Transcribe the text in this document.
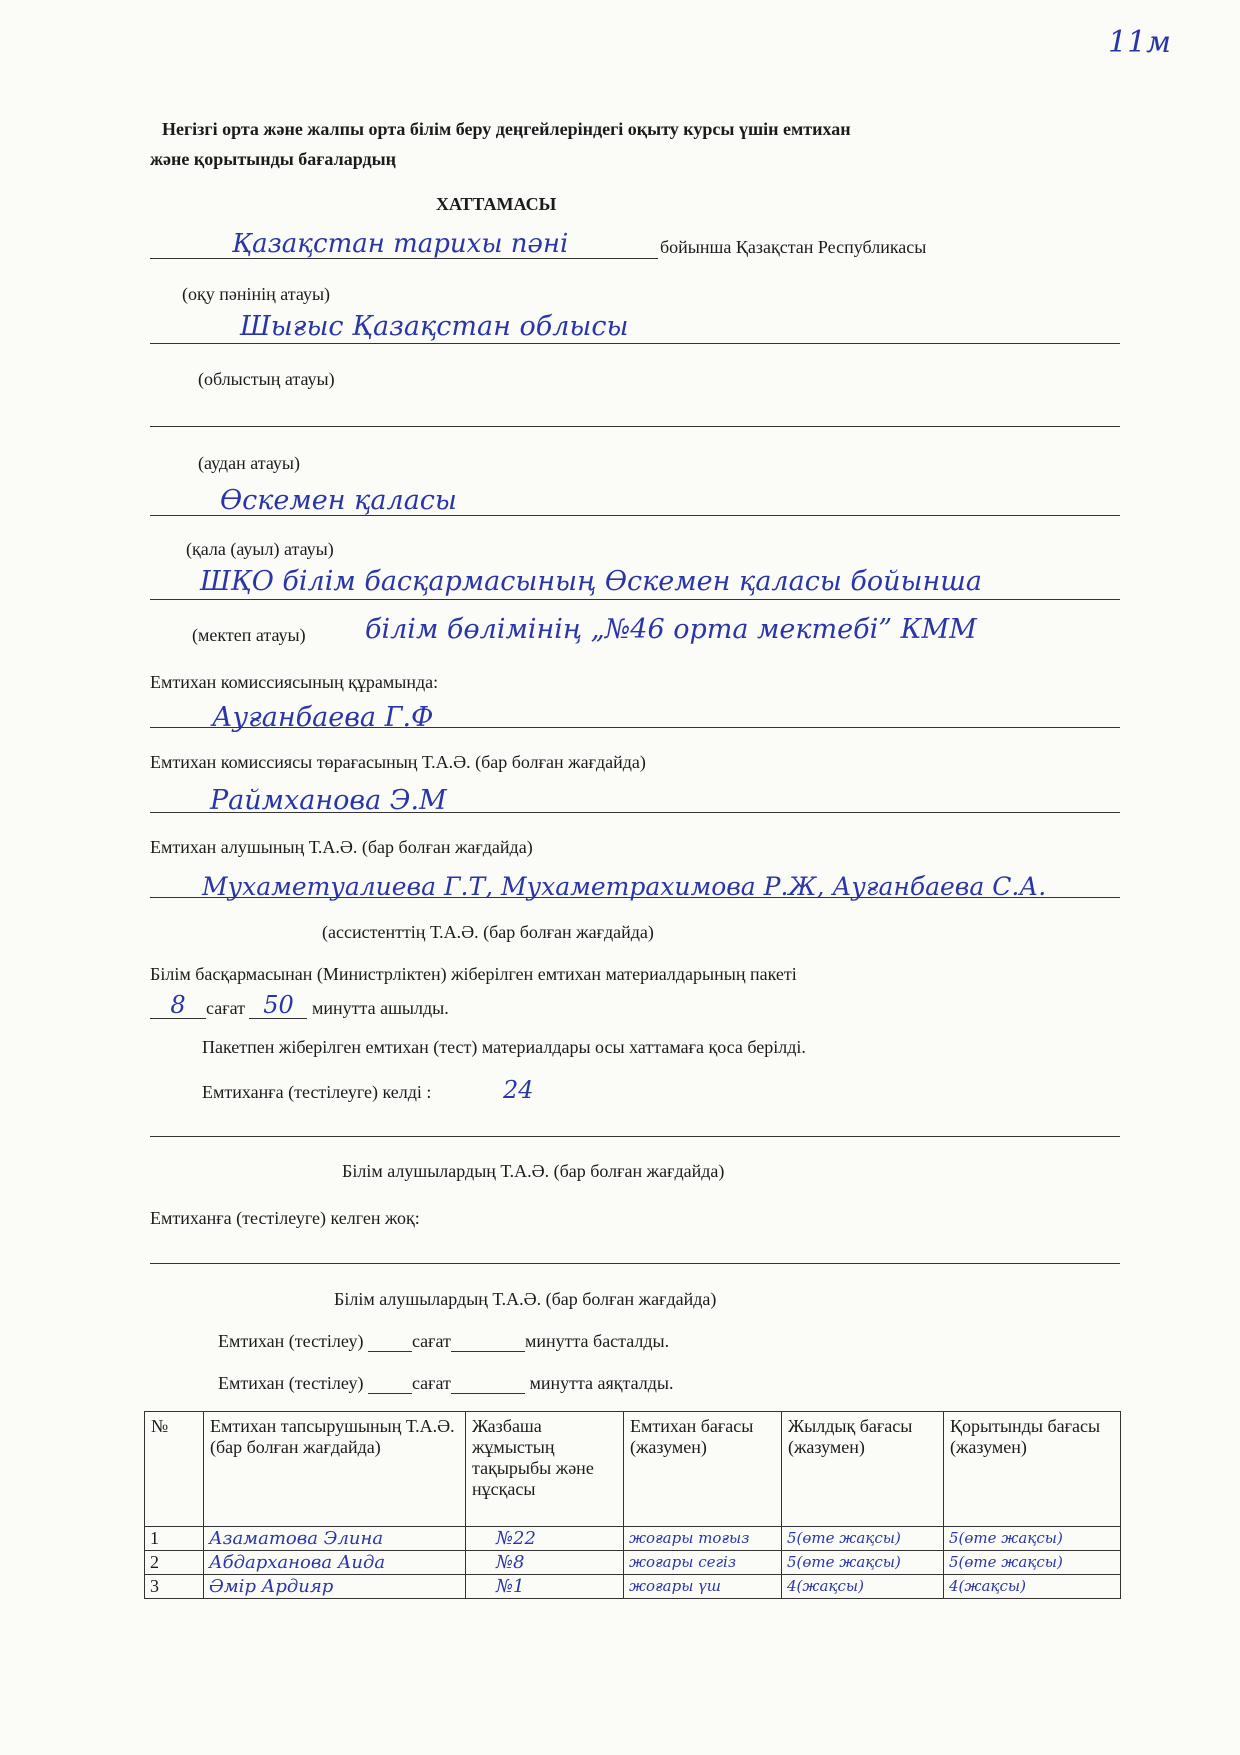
11м
Негізгі орта және жалпы орта білім беру деңгейлеріндегі оқыту курсы үшін емтихан
және қорытынды бағалардың
ХАТТАМАСЫ
Қазақстан тарихы пәні	бойынша Қазақстан Республикасы
(оқу пәнінің атауы)
Шығыс Қазақстан облысы
(облыстың атауы)
(аудан атауы)
Өскемен қаласы
(қала (ауыл) атауы)
ШҚО білім басқармасының Өскемен қаласы бойынша
(мектеп атауы) білім бөлімінің „№46 орта мектебі” КММ
Емтихан комиссиясының құрамында:
Ауғанбаева Г.Ф
Емтихан комиссиясы төрағасының Т.А.Ә. (бар болған жағдайда)
Раймханова Э.М
Емтихан алушының Т.А.Ә. (бар болған жағдайда)
Мухаметуалиева Г.Т, Мухаметрахимова Р.Ж, Ауғанбаева С.А.
(ассистенттің Т.А.Ә. (бар болған жағдайда)
Білім басқармасынан (Министрліктен) жіберілген емтихан материалдарының пакеті
8 сағат 50 минутта ашылды.
Пакетпен жіберілген емтихан (тест) материалдары осы хаттамаға қоса берілді.
Емтиханға (тестілеуге) келді :	24
Білім алушылардың Т.А.Ә. (бар болған жағдайда)
Емтиханға (тестілеуге) келген жоқ:
Білім алушылардың Т.А.Ә. (бар болған жағдайда)
Емтихан (тестілеу)	сағат	минутта басталды.
Емтихан (тестілеу)	сағат	минутта аяқталды.
№	Емтихан тапсырушының Т.А.Ә. (бар болған жағдайда)	Жазбаша жұмыстың тақырыбы және нұсқасы	Емтихан бағасы (жазумен)	Жылдық бағасы (жазумен)	Қорытынды бағасы (жазумен)
1	Азаматова Элина	№22	жоғары тоғыз	5(өте жақсы)	5(өте жақсы)
2	Абдарханова Аида	№8	жоғары сегіз	5(өте жақсы)	5(өте жақсы)
3	Әмір Ардияр	№1	жоғары үш	4(жақсы)	4(жақсы)
